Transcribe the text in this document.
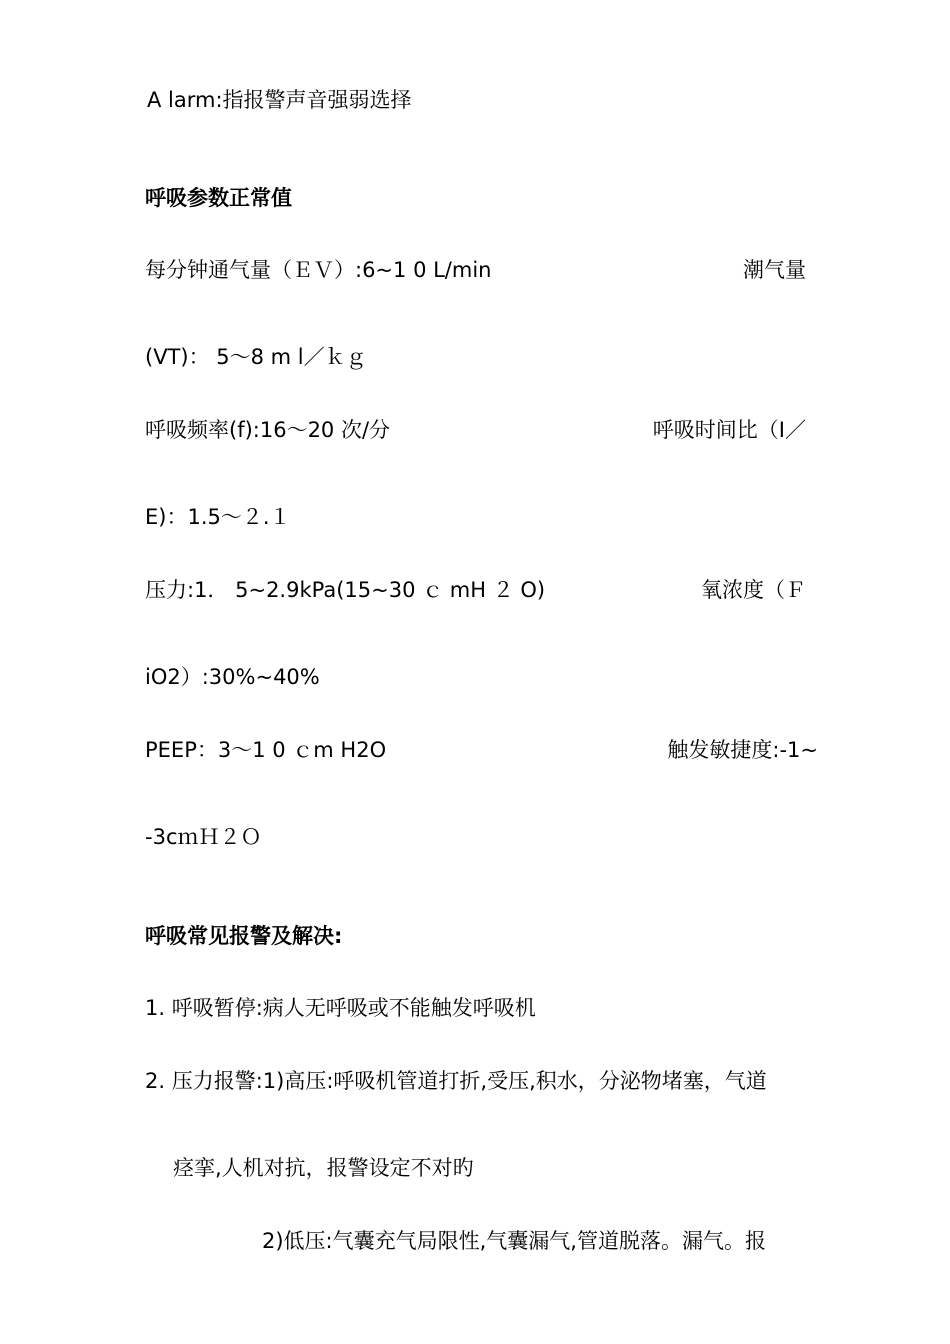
A larm:指报警声音强弱选择
呼吸参数正常值
每分钟通气量（ＥＶ）:6~1 0 L/min	潮气量
(VT)： 5～8 m l／ｋｇ
呼吸频率(f):16～20 次/分	呼吸时间比（I／
E)：1.5～２.１
压力:1． 5~2.9kPa(15~30 ｃ mH ２ O)	氧浓度（Ｆ
iO2）:30%~40%
PEEP：3～1 0 ｃm H2O	触发敏捷度:-1~
-3cｍＨ２Ｏ
呼吸常见报警及解决:
1. 呼吸暂停:病人无呼吸或不能触发呼吸机
2. 压力报警:1)高压:呼吸机管道打折,受压,积水，分泌物堵塞，气道
痉挛,人机对抗，报警设定不对旳
2)低压:气囊充气局限性,气囊漏气,管道脱落。漏气。报
